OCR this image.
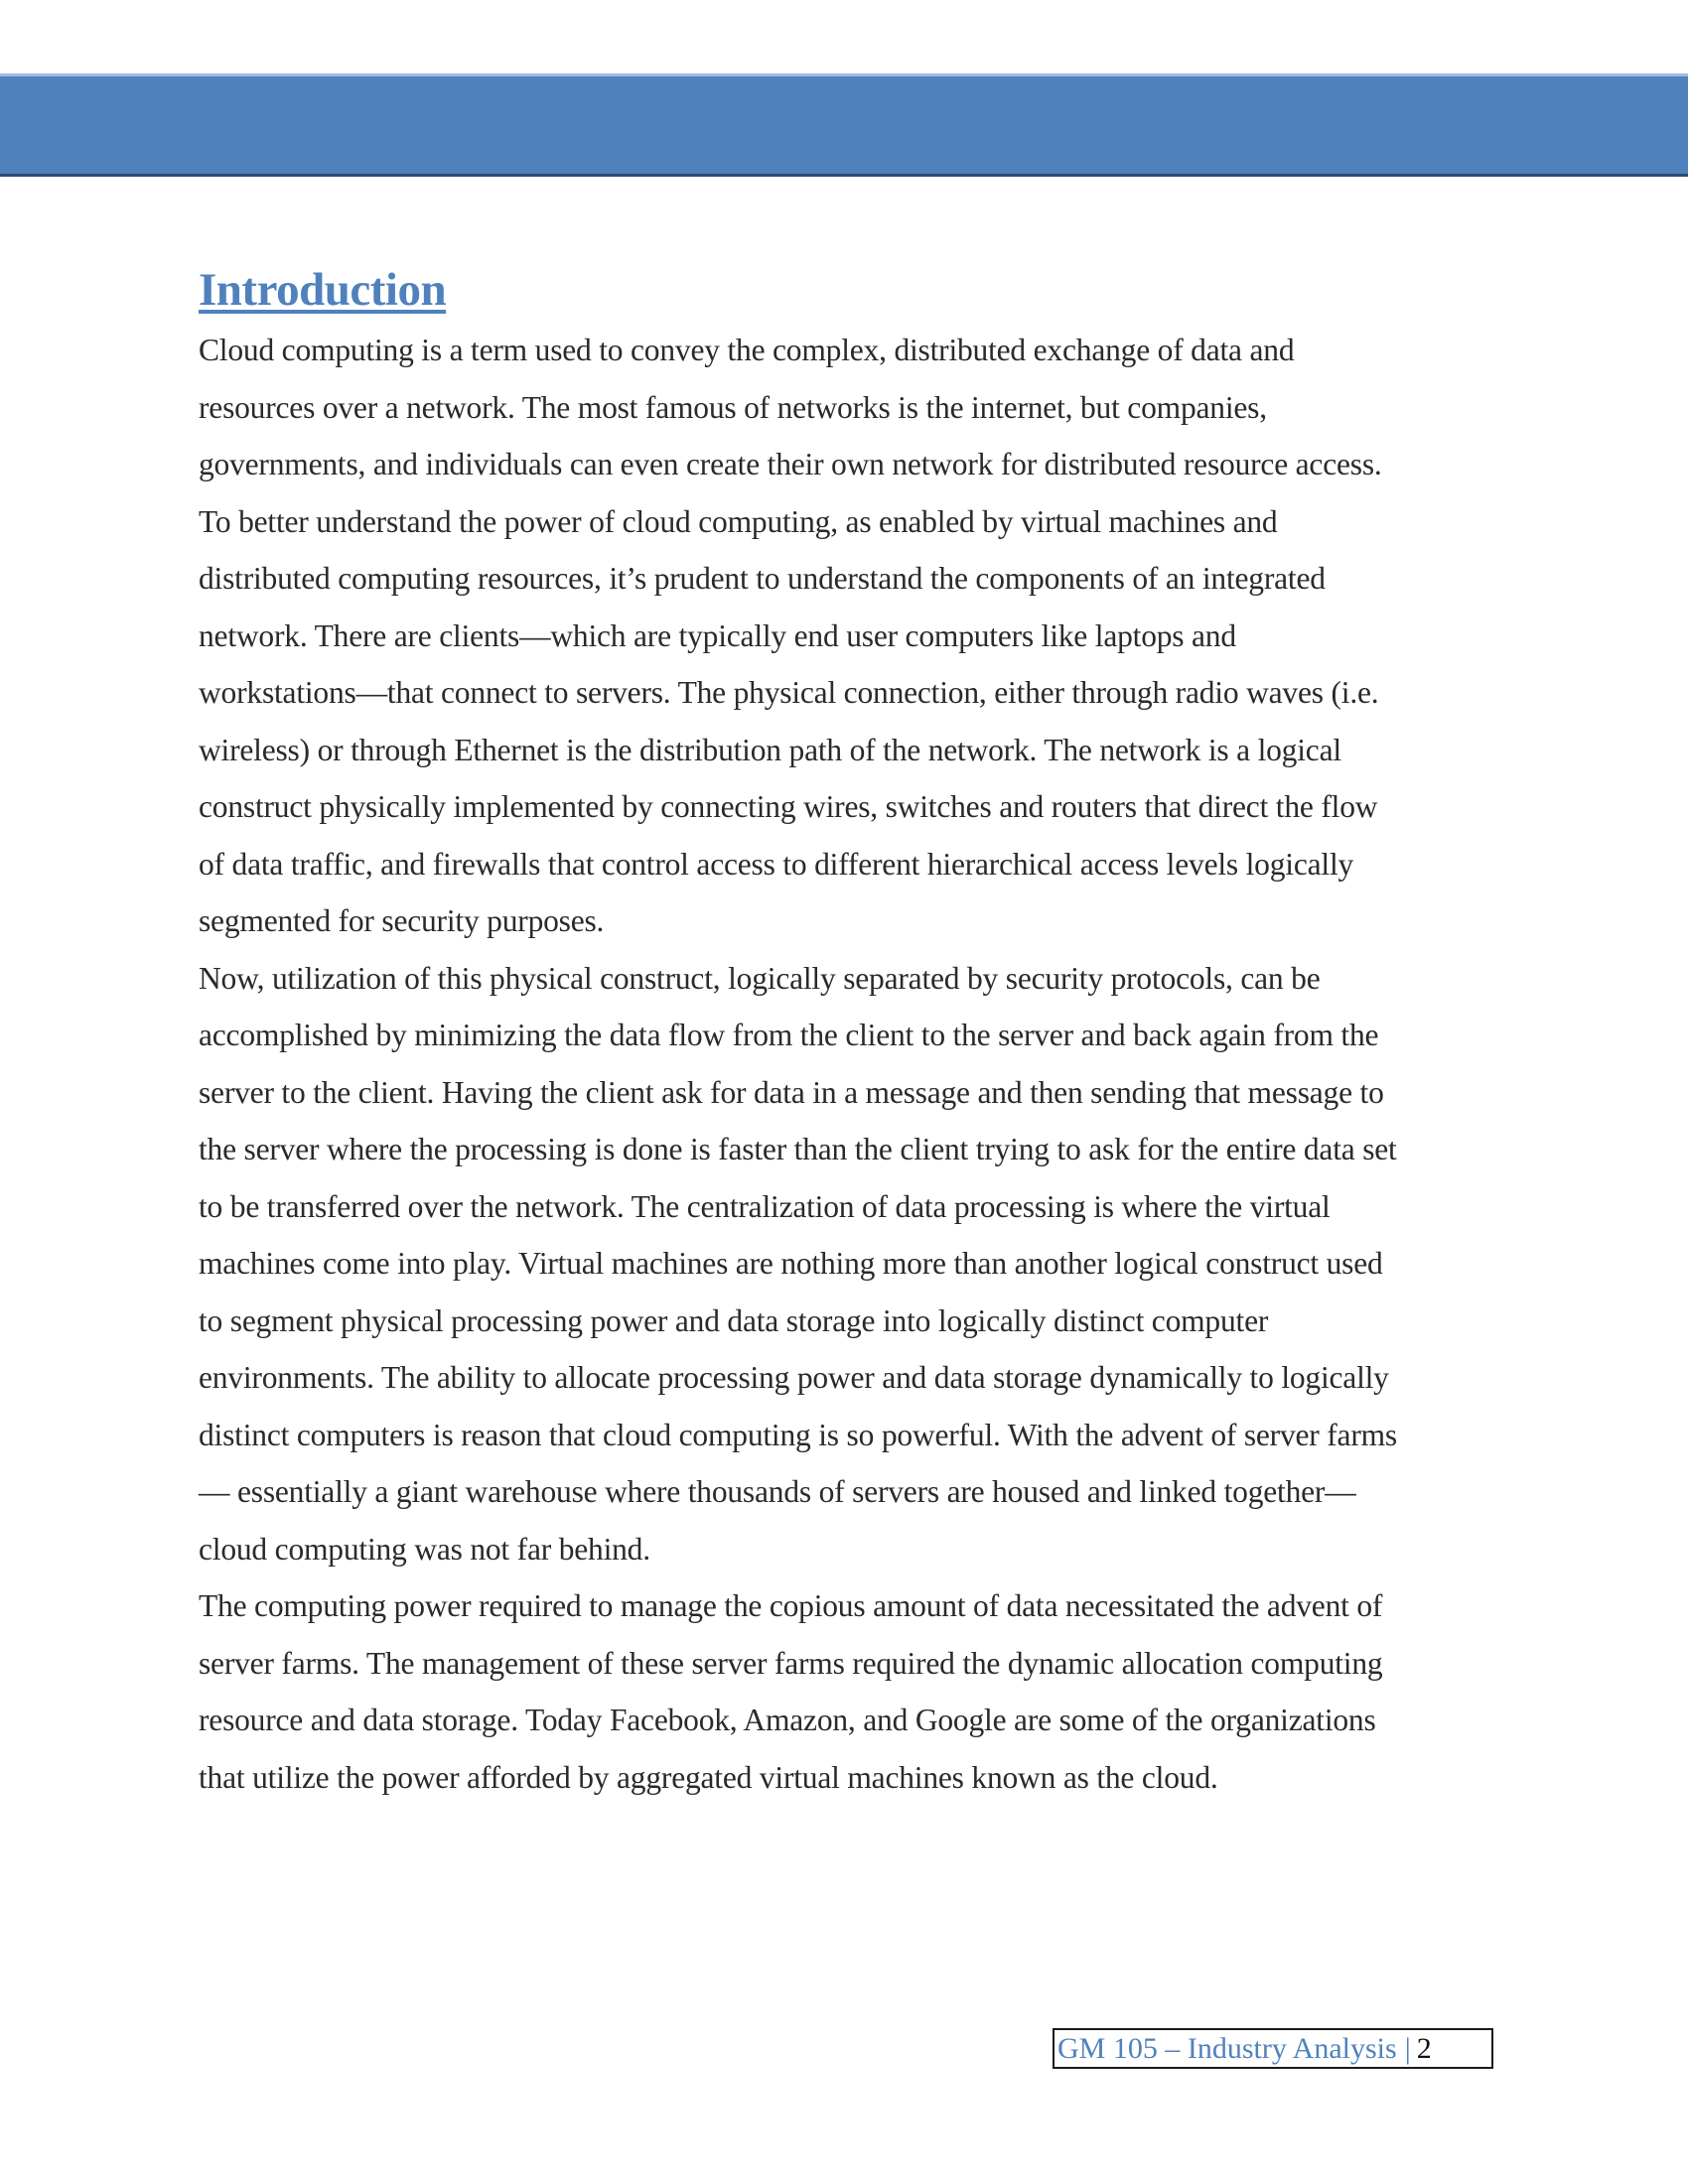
Introduction
Cloud computing is a term used to convey the complex, distributed exchange of data and
resources over a network. The most famous of networks is the internet, but companies,
governments, and individuals can even create their own network for distributed resource access.
To better understand the power of cloud computing, as enabled by virtual machines and
distributed computing resources, it’s prudent to understand the components of an integrated
network. There are clients—which are typically end user computers like laptops and
workstations—that connect to servers. The physical connection, either through radio waves (i.e.
wireless) or through Ethernet is the distribution path of the network. The network is a logical
construct physically implemented by connecting wires, switches and routers that direct the flow
of data traffic, and firewalls that control access to different hierarchical access levels logically
segmented for security purposes.
Now, utilization of this physical construct, logically separated by security protocols, can be
accomplished by minimizing the data flow from the client to the server and back again from the
server to the client. Having the client ask for data in a message and then sending that message to
the server where the processing is done is faster than the client trying to ask for the entire data set
to be transferred over the network. The centralization of data processing is where the virtual
machines come into play. Virtual machines are nothing more than another logical construct used
to segment physical processing power and data storage into logically distinct computer
environments. The ability to allocate processing power and data storage dynamically to logically
distinct computers is reason that cloud computing is so powerful. With the advent of server farms
— essentially a giant warehouse where thousands of servers are housed and linked together—
cloud computing was not far behind.
The computing power required to manage the copious amount of data necessitated the advent of
server farms. The management of these server farms required the dynamic allocation computing
resource and data storage. Today Facebook, Amazon, and Google are some of the organizations
that utilize the power afforded by aggregated virtual machines known as the cloud.
GM 105 – Industry Analysis | 2
